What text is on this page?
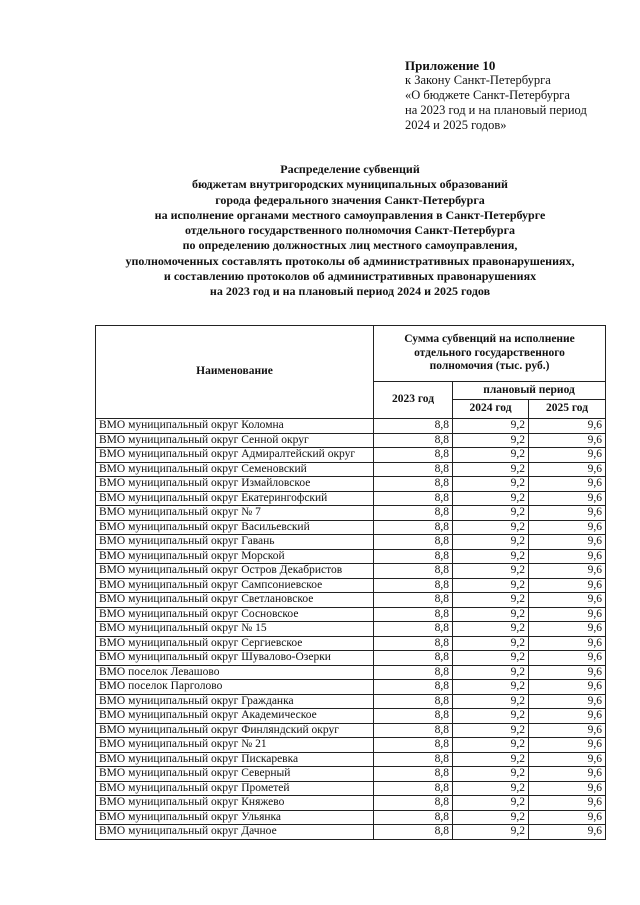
Приложение 10
к Закону Санкт-Петербурга
«О бюджете Санкт-Петербурга
на 2023 год и на плановый период
2024 и 2025 годов»
Распределение субвенций
бюджетам внутригородских муниципальных образований
города федерального значения Санкт-Петербурга
на исполнение органами местного самоуправления в Санкт-Петербурге
отдельного государственного полномочия Санкт-Петербурга
по определению должностных лиц местного самоуправления,
уполномоченных составлять протоколы об административных правонарушениях,
и составлению протоколов об административных правонарушениях
на 2023 год и на плановый период 2024 и 2025 годов
Наименование	Сумма субвенций на исполнение отдельного государственного полномочия (тыс. руб.)		
	2023 год	плановый период	
		2024 год	2025 год
ВМО муниципальный округ Коломна	8,8	9,2	9,6
ВМО муниципальный округ Сенной округ	8,8	9,2	9,6
ВМО муниципальный округ Адмиралтейский округ	8,8	9,2	9,6
ВМО муниципальный округ Семеновский	8,8	9,2	9,6
ВМО муниципальный округ Измайловское	8,8	9,2	9,6
ВМО муниципальный округ Екатерингофский	8,8	9,2	9,6
ВМО муниципальный округ № 7	8,8	9,2	9,6
ВМО муниципальный округ Васильевский	8,8	9,2	9,6
ВМО муниципальный округ Гавань	8,8	9,2	9,6
ВМО муниципальный округ Морской	8,8	9,2	9,6
ВМО муниципальный округ Остров Декабристов	8,8	9,2	9,6
ВМО муниципальный округ Сампсониевское	8,8	9,2	9,6
ВМО муниципальный округ Светлановское	8,8	9,2	9,6
ВМО муниципальный округ Сосновское	8,8	9,2	9,6
ВМО муниципальный округ № 15	8,8	9,2	9,6
ВМО муниципальный округ Сергиевское	8,8	9,2	9,6
ВМО муниципальный округ Шувалово-Озерки	8,8	9,2	9,6
ВМО поселок Левашово	8,8	9,2	9,6
ВМО поселок Парголово	8,8	9,2	9,6
ВМО муниципальный округ Гражданка	8,8	9,2	9,6
ВМО муниципальный округ Академическое	8,8	9,2	9,6
ВМО муниципальный округ Финляндский округ	8,8	9,2	9,6
ВМО муниципальный округ № 21	8,8	9,2	9,6
ВМО муниципальный округ Пискаревка	8,8	9,2	9,6
ВМО муниципальный округ Северный	8,8	9,2	9,6
ВМО муниципальный округ Прометей	8,8	9,2	9,6
ВМО муниципальный округ Княжево	8,8	9,2	9,6
ВМО муниципальный округ Ульянка	8,8	9,2	9,6
ВМО муниципальный округ Дачное	8,8	9,2	9,6
